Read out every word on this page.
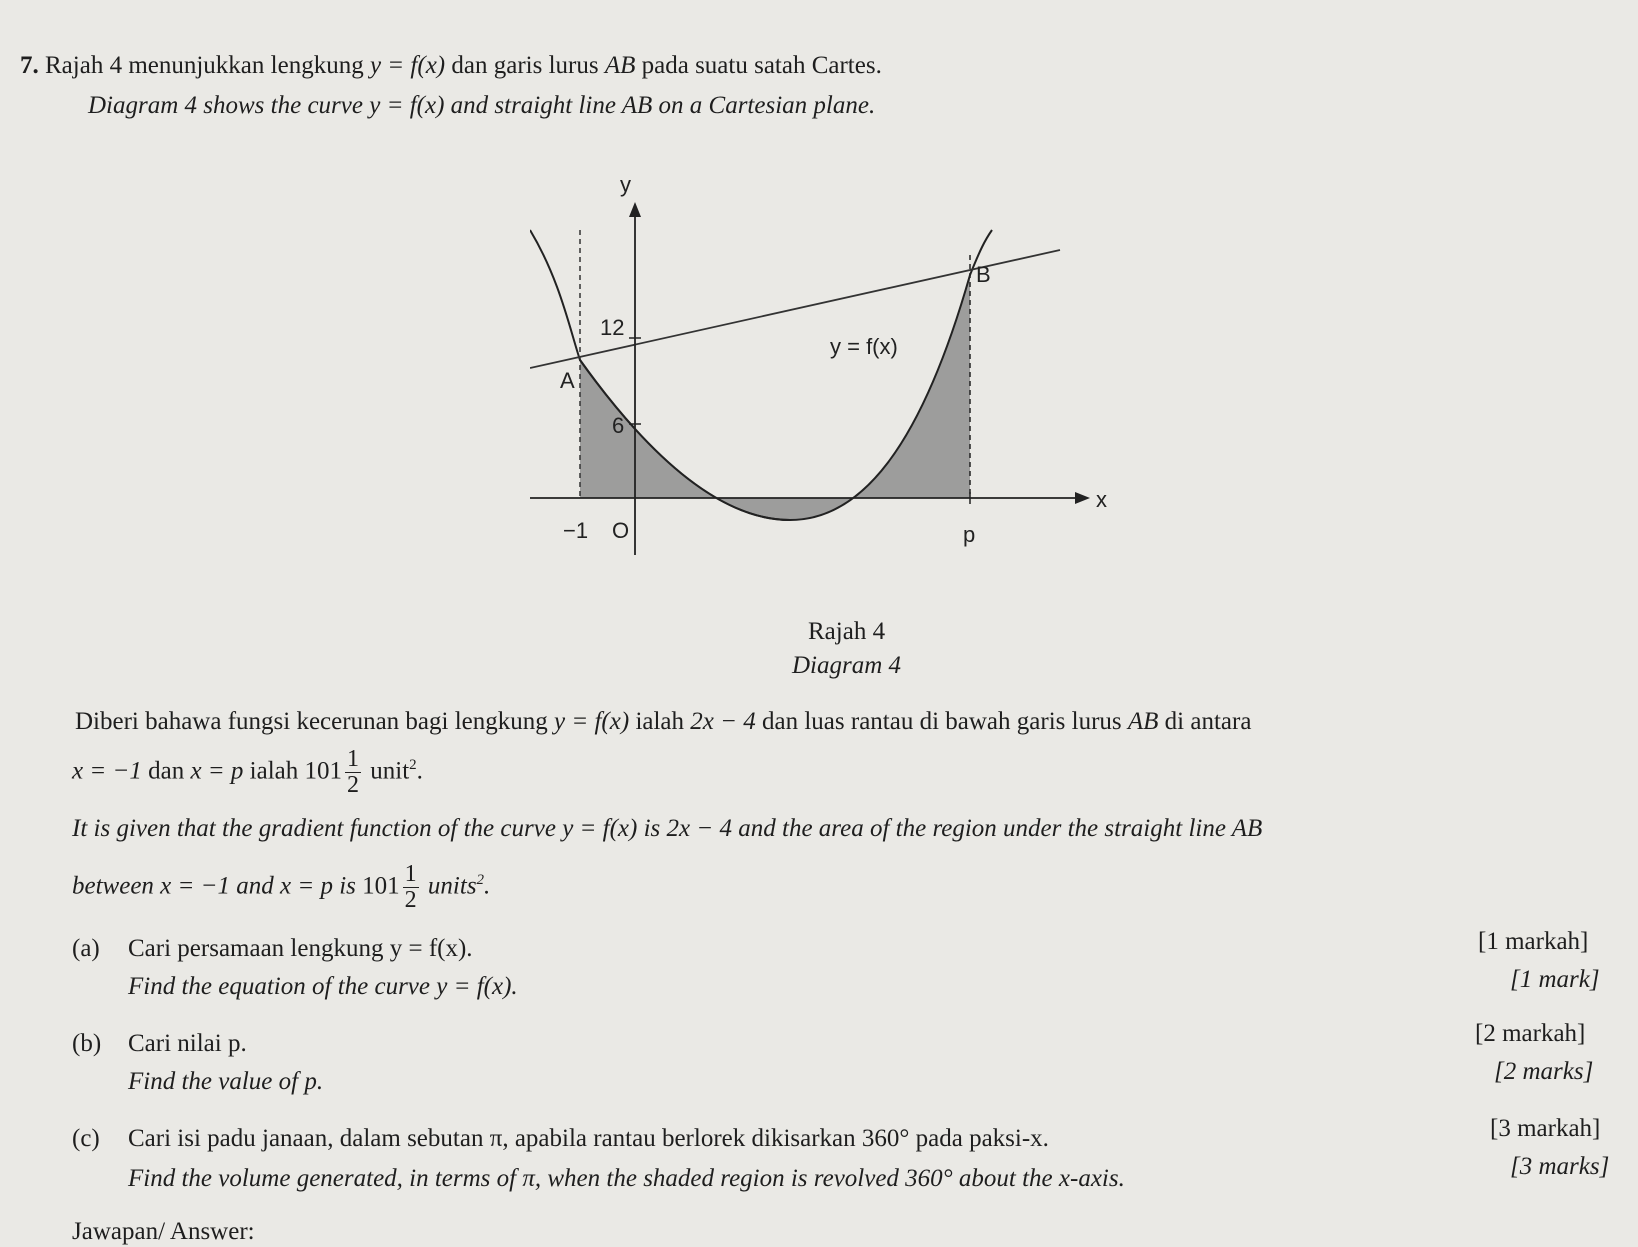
7. Rajah 4 menunjukkan lengkung y = f(x) dan garis lurus AB pada suatu satah Cartes.
Diagram 4 shows the curve y = f(x) and straight line AB on a Cartesian plane.
y
x
12
6
−1 O	p
A
B
y = f(x)
Rajah 4
Diagram 4
Diberi bahawa fungsi kecerunan bagi lengkung y = f(x) ialah 2x − 4 dan luas rantau di bawah garis lurus AB di antara
x = −1 dan x = p ialah $101 \frac{1}{2}$ unit$^2$.
It is given that the gradient function of the curve y = f(x) is 2x − 4 and the area of the region under the straight line AB
between x = −1 and x = p is $101 \frac{1}{2}$ units$^2$.
(a) Cari persamaan lengkung y = f(x).
Find the equation of the curve y = f(x).
[1 markah]
[1 mark]
(b) Cari nilai p.
Find the value of p.
[2 markah]
[2 marks]
(c) Cari isi padu janaan, dalam sebutan π, apabila rantau berlorek dikisarkan 360° pada paksi-x.
Find the volume generated, in terms of π, when the shaded region is revolved 360° about the x-axis.
[3 markah]
[3 marks]
Jawapan/ Answer:
